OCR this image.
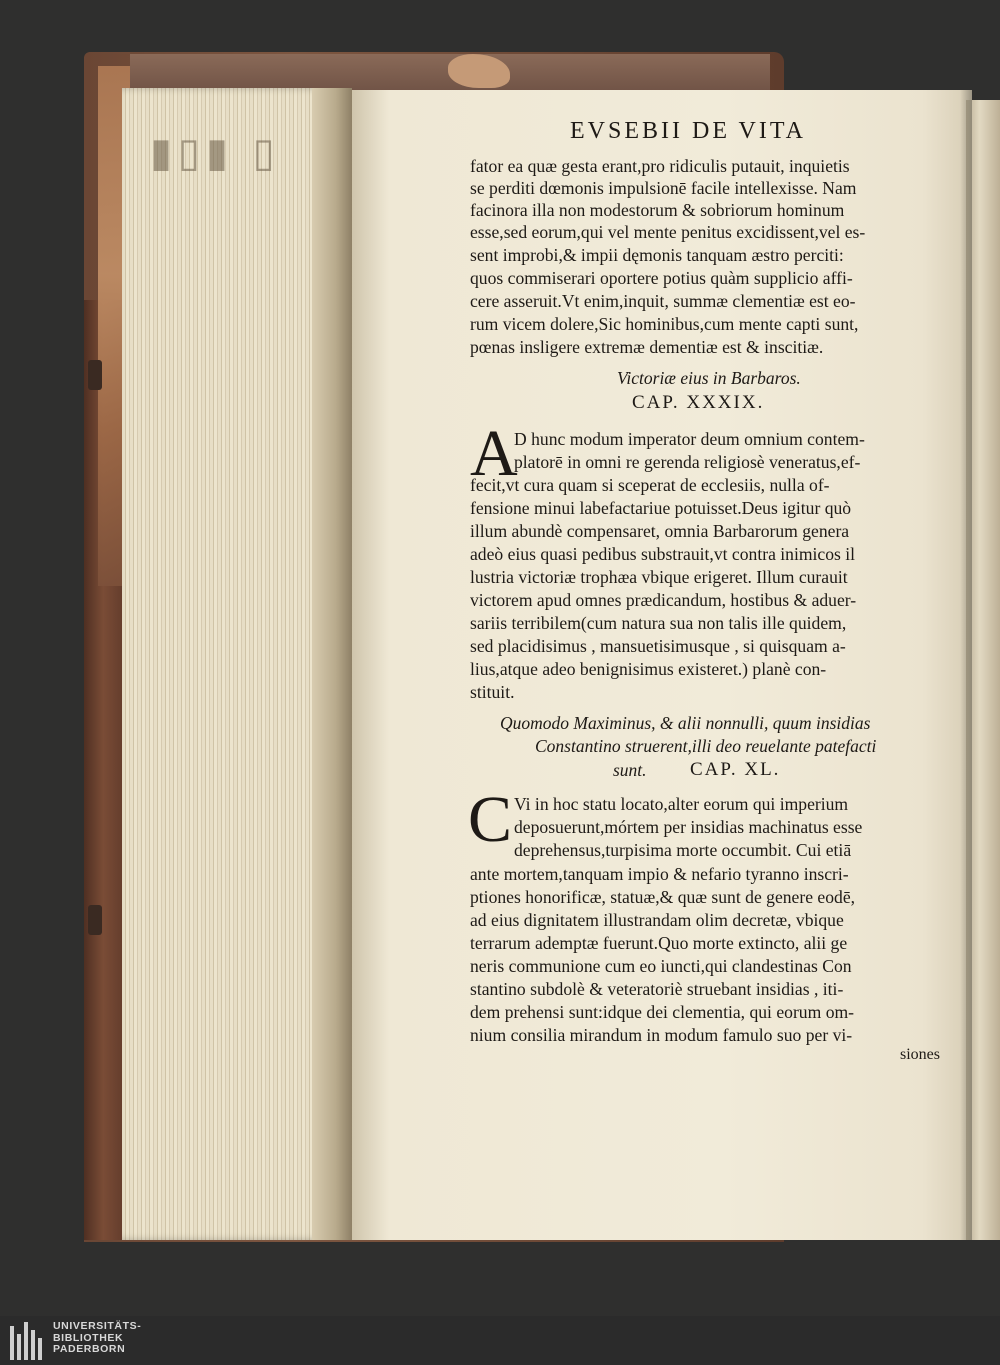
▮▯▮ ▯	EVSEBII DE VITA
fator ea quæ gesta erant,pro ridiculis putauit, inquietis
se perditi dœmonis impulsionē facile intellexisse. Nam
facinora illa non modestorum & sobriorum hominum
esse,sed eorum,qui vel mente penitus excidissent,vel es-
sent improbi,& impii dęmonis tanquam æstro perciti:
quos commiserari oportere potius quàm supplicio affi-
cere asseruit.Vt enim,inquit, summæ clementiæ est eo-
rum vicem dolere,Sic hominibus,cum mente capti sunt,
pœnas insligere extremæ dementiæ est & inscitiæ.
Victoriæ eius in Barbaros.
CAP. XXXIX.
A
D hunc modum imperator deum omnium contem-
platorē in omni re gerenda religiosè veneratus,ef-
fecit,vt cura quam si sceperat de ecclesiis, nulla of-
fensione minui labefactariue potuisset.Deus igitur quò
illum abundè compensaret, omnia Barbarorum genera
adeò eius quasi pedibus substrauit,vt contra inimicos il
lustria victoriæ trophæa vbique erigeret. Illum curauit
victorem apud omnes prædicandum, hostibus & aduer-
sariis terribilem(cum natura sua non talis ille quidem,
sed placidisimus , mansuetisimusque , si quisquam a-
lius,atque adeo benignisimus existeret.) planè con-
stituit.
Quomodo Maximinus, & alii nonnulli, quum insidias
Constantino struerent,illi deo reuelante patefacti
sunt. CAP. XL.
C Vi in hoc statu locato,alter eorum qui imperium
deposuerunt,mórtem per insidias machinatus esse
deprehensus,turpisima morte occumbit. Cui etiā
ante mortem,tanquam impio & nefario tyranno inscri-
ptiones honorificæ, statuæ,& quæ sunt de genere eodē,
ad eius dignitatem illustrandam olim decretæ, vbique
terrarum ademptæ fuerunt.Quo morte extincto, alii ge
neris communione cum eo iuncti,qui clandestinas Con
stantino subdolè & veteratoriè struebant insidias , iti-
dem prehensi sunt:idque dei clementia, qui eorum om-
nium consilia mirandum in modum famulo suo per vi-
siones
UNIVERSITÄTS-
BIBLIOTHEK
PADERBORN
